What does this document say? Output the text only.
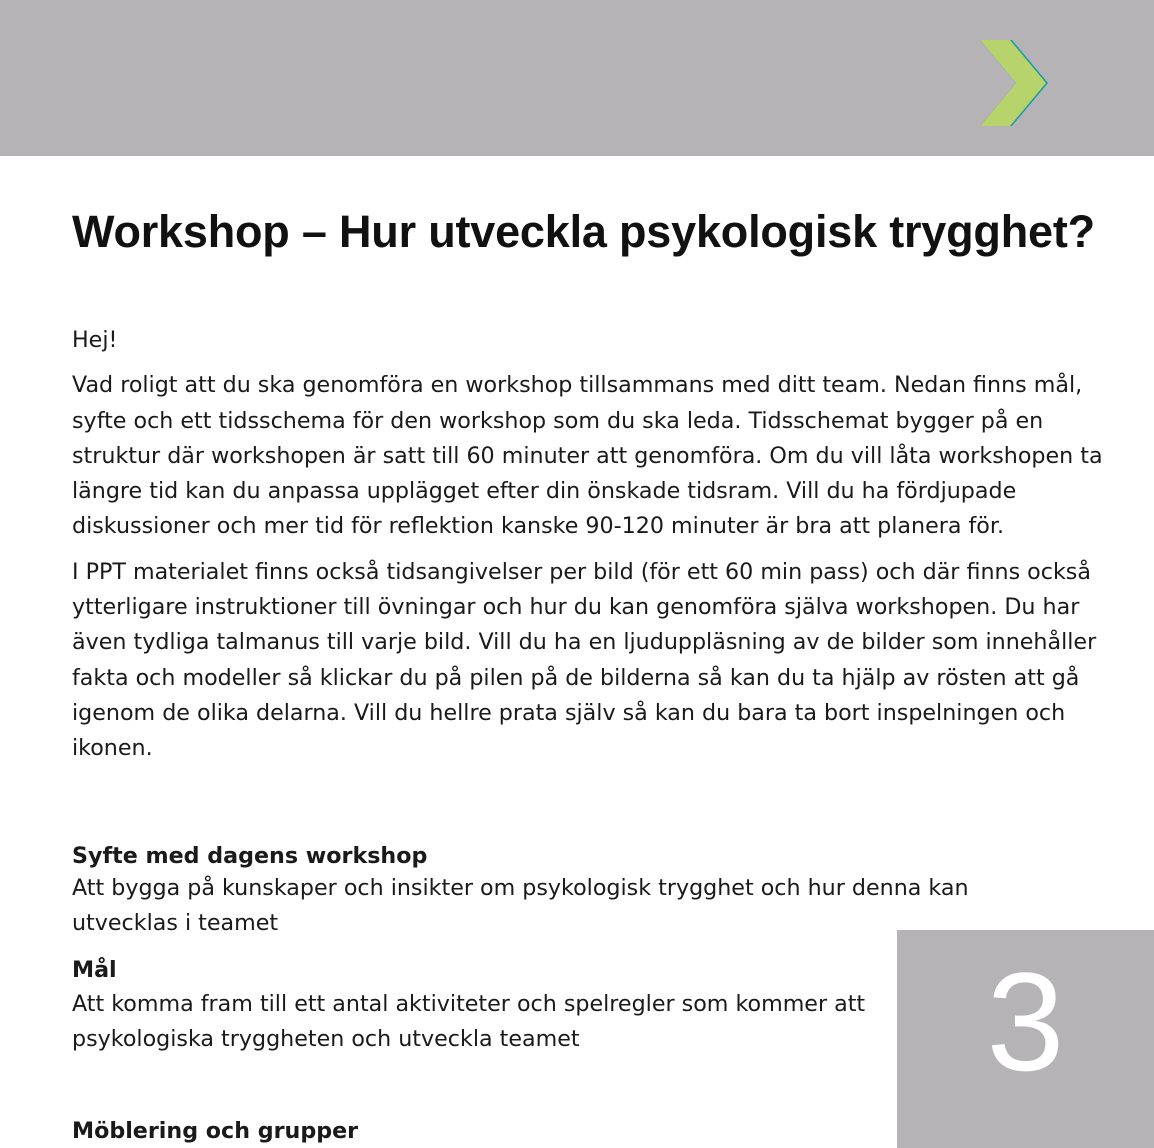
Workshop – Hur utveckla psykologisk trygghet?

Hej!

Vad roligt att du ska genomföra en workshop tillsammans med ditt team. Nedan finns mål, syfte och ett tidsschema för den workshop som du ska leda. Tidsschemat bygger på en struktur där workshopen är satt till 60 minuter att genomföra. Om du vill låta workshopen ta längre tid kan du anpassa upplägget efter din önskade tidsram. Vill du ha fördjupade diskussioner och mer tid för reflektion kanske 90-120 minuter är bra att planera för.

I PPT materialet finns också tidsangivelser per bild (för ett 60 min pass) och där finns också ytterligare instruktioner till övningar och hur du kan genomföra själva workshopen. Du har även tydliga talmanus till varje bild. Vill du ha en ljuduppläsning av de bilder som innehåller fakta och modeller så klickar du på pilen på de bilderna så kan du ta hjälp av rösten att gå igenom de olika delarna. Vill du hellre prata själv så kan du bara ta bort inspelningen och ikonen.

Syfte med dagens workshop
Att bygga på kunskaper och insikter om psykologisk trygghet och hur denna kan
utvecklas i teamet
Mål
Att komma fram till ett antal aktiviteter och spelregler som kommer att
psykologiska tryggheten och utveckla teamet
Möblering och grupper
3
